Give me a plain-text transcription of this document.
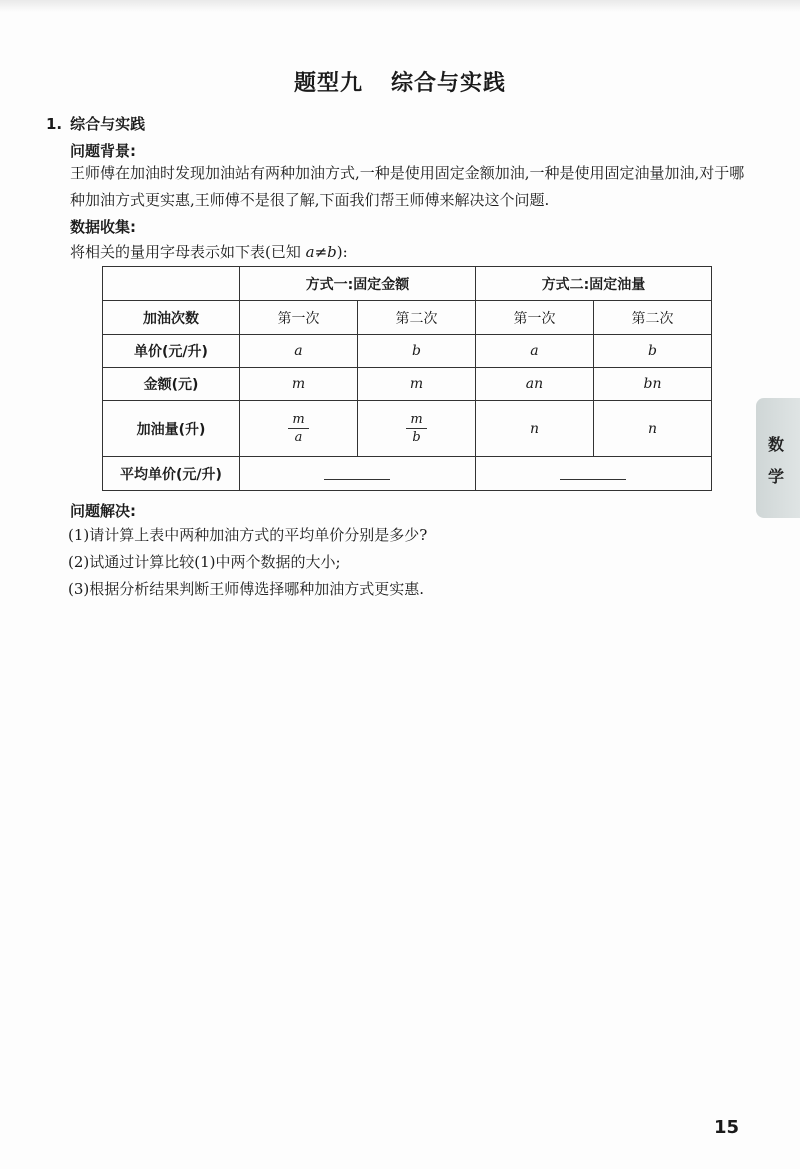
题型九 综合与实践
1. 综合与实践
问题背景:
王师傅在加油时发现加油站有两种加油方式,一种是使用固定金额加油,一种是使用固定油量加油,对于哪种加油方式更实惠,王师傅不是很了解,下面我们帮王师傅来解决这个问题.
数据收集:
将相关的量用字母表示如下表(已知 a≠b):
	方式一:固定金额		方式二:固定油量	
加油次数	第一次	第二次	第一次	第二次
单价(元/升)	a	b	a	b
金额(元)	m	m	an	bn
加油量(升)	$\frac{m}{a}$	$\frac{m}{b}$	n	n
平均单价(元/升)				
问题解决:
(1)请计算上表中两种加油方式的平均单价分别是多少?
(2)试通过计算比较(1)中两个数据的大小;
(3)根据分析结果判断王师傅选择哪种加油方式更实惠.
数
学
15
